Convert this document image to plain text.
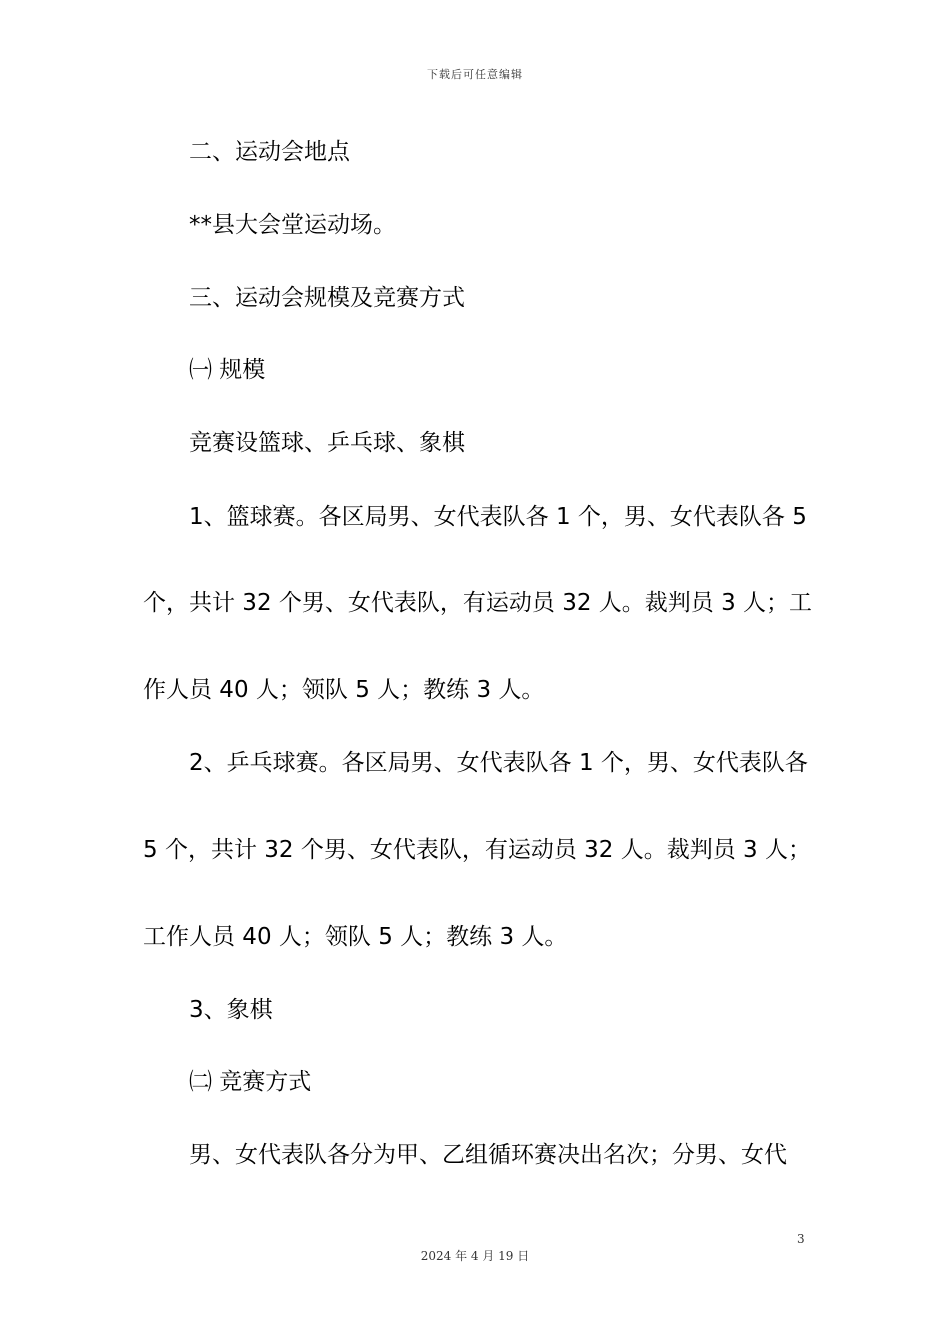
下载后可任意编辑
二、运动会地点
**县大会堂运动场。
三、运动会规模及竞赛方式
㈠ 规模
竞赛设篮球、乒乓球、象棋
1、篮球赛。各区局男、女代表队各 1 个，男、女代表队各 5
个，共计 32 个男、女代表队，有运动员 32 人。裁判员 3 人；工
作人员 40 人；领队 5 人；教练 3 人。
2、乒乓球赛。各区局男、女代表队各 1 个，男、女代表队各
5 个，共计 32 个男、女代表队，有运动员 32 人。裁判员 3 人；
工作人员 40 人；领队 5 人；教练 3 人。
3、象棋
㈡ 竞赛方式
男、女代表队各分为甲、乙组循环赛决出名次；分男、女代
3
2024 年 4 月 19 日
